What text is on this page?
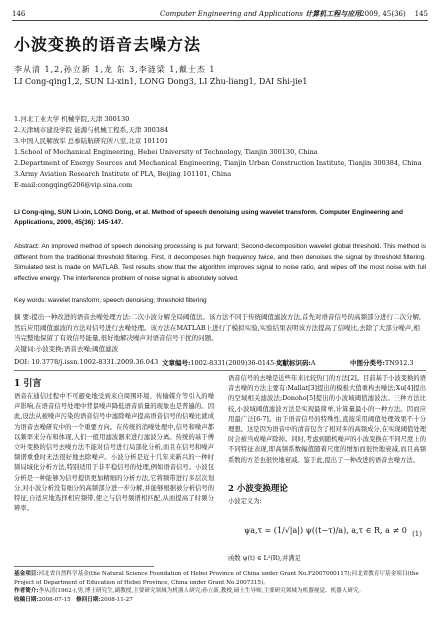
146	Computer Engineering and Applications 计算机工程与应用
2009, 45(36) 145
小波变换的语音去噪方法
李从清 1,2,孙立新 1,龙 东 3,李涟梁 1,戴士杰 1
LI Cong-qing1,2, SUN Li-xin1, LONG Dong3, LI Zhu-liang1, DAI Shi-jie1
1.河北工业大学 机械学院,天津 300130
2.天津城市建设学院 能源与机械工程系,天津 300384
3.中国人民解放军 总参陆航研究所八室,北京 101101
1.School of Mechanical Engineering, Hebei University of Technology, Tianjin 300130, China
2.Department of Energy Sources and Mechanical Engineering, Tianjin Urban Construction Institute, Tianjin 300384, China
3.Army Aviation Research Institute of PLA, Beijing 101101, China
E-mail:congqing6206@vip.sina.com
LI Cong-qing, SUN Li-xin, LONG Dong, et al. Method of speech denoising using wavelet transform. Computer Engineering and Applications, 2009, 45(36): 145-147.
Abstract: An improved method of speech denoising processing is put forward; Second-decomposition wavelet global threshold. This method is different from the traditional threshold filtering. First, it decomposes high frequency twice, and then denoises the signal by threshold filtering. Simulated test is made on MATLAB. Test results show that the algorithm improves signal to noise ratio, and wipes off the most noise with full effective energy. The interference problem of noise signal is absolutely solved.
Key words: wavelet transform; speech denoising; threshold filtering
摘 要:提出一种改进的语音去噪处理方法:二次小波分解全局阈值法。该方法不同于传统阈值滤波方法,首先对语音信号的高频部分进行二次分解,然后应用阈值滤波的方法对信号进行去噪处理。该方法在MATLAB上进行了模拟实验,实验结果表明该方法提高了信噪比,去除了大部分噪声,相当完整地保留了有效信号能量,很好地解决噪声对语音信号干扰的问题。
关键词:小波变换;语音去噪;阈值滤波
DOI: 10.3778/j.issn.1002-8331.2009.36.043 文章编号:1002-8331(2009)36-0145-03
文献标识码:A	中图分类号:TN912.3
1 引言
语音在通信过程中不可避免地受到来自周围环境、传输媒介等引入的噪声影响,在语音信号处理中背景噪声降低语音质量的现象也是普遍的。因此,设法从被噪声污染的语音信号中滤除噪声提高语音信号的信噪比就成为语音去噪研究中的一个重要方向。在传统的消噪处理中,信号和噪声都以频率来分布和体现,人们一般用滤波器来进行滤波分离。传统的基于傅立叶变换的信号去噪方法不能对信号进行局部化分析,而且在信号和噪声频谱重叠时无法很好地去除噪声。小波分析是近十几年来新兴的一种时频局域化分析方法,特别适用于非平稳信号的处理,例如语音信号。小波包分析是一种能够为信号提供更加精细的分析方法,它将频带进行多层次划分,对小波分析没有细分的高频部分进一步分解,并能够根据被分析信号的特征,自适应地选择相应频带,使之与信号频谱相匹配,从而提高了时频分辨率。
语音信号的去噪是近些年来比较热门的方法[2]。目前基于小波变换的语音去噪的方法主要有:Mallat[3]提出的模极大值重构去噪法;Xu[4]提出的空域相关滤波法;Donoho[5]提出的小波域阈值滤波法。三种方法比较,小波域阈值滤波方法是实现最简单,计算量最小的一种方法。因而应用最广泛[6-7]。由于语音信号的特殊性,直接采用阈值处理效果不十分理想。这是因为语音中的清音包含了相对多的高频成分,在实现阈值处理时会被当成噪声除掉。同时,考虑到随机噪声的小波变换在不同尺度上的不同特征表现,即高频系数幅值随着尺度的增加而很快地衰减,而且高频系数的方差也很快地衰减。鉴于此,提出了一种改进的语音去噪方法。
2 小波变换理论
小波定义为:
ψa,τ = (1/√|a|) ψ((t−τ)/a), a,τ ∈ R, a ≠ 0 (1)
函数 ψ(t) ∈ L²(R),并满足
基金项目:河北省自然科学基金(the Natural Science Foundation of Hebei Province of China under Grant No.F2007000117);河北省教育厅基金项目(the Project of Department of Education of Hebei Province, China under Grant No.2007315)。
作者简介:李从清(1962-),男,博士研究生,副教授,主要研究领域为机器人研究;孙立新,教授,硕士生导师,主要研究领域为机器视觉、机器人研究。
收稿日期:2008-07-15 修回日期:2008-11-27
